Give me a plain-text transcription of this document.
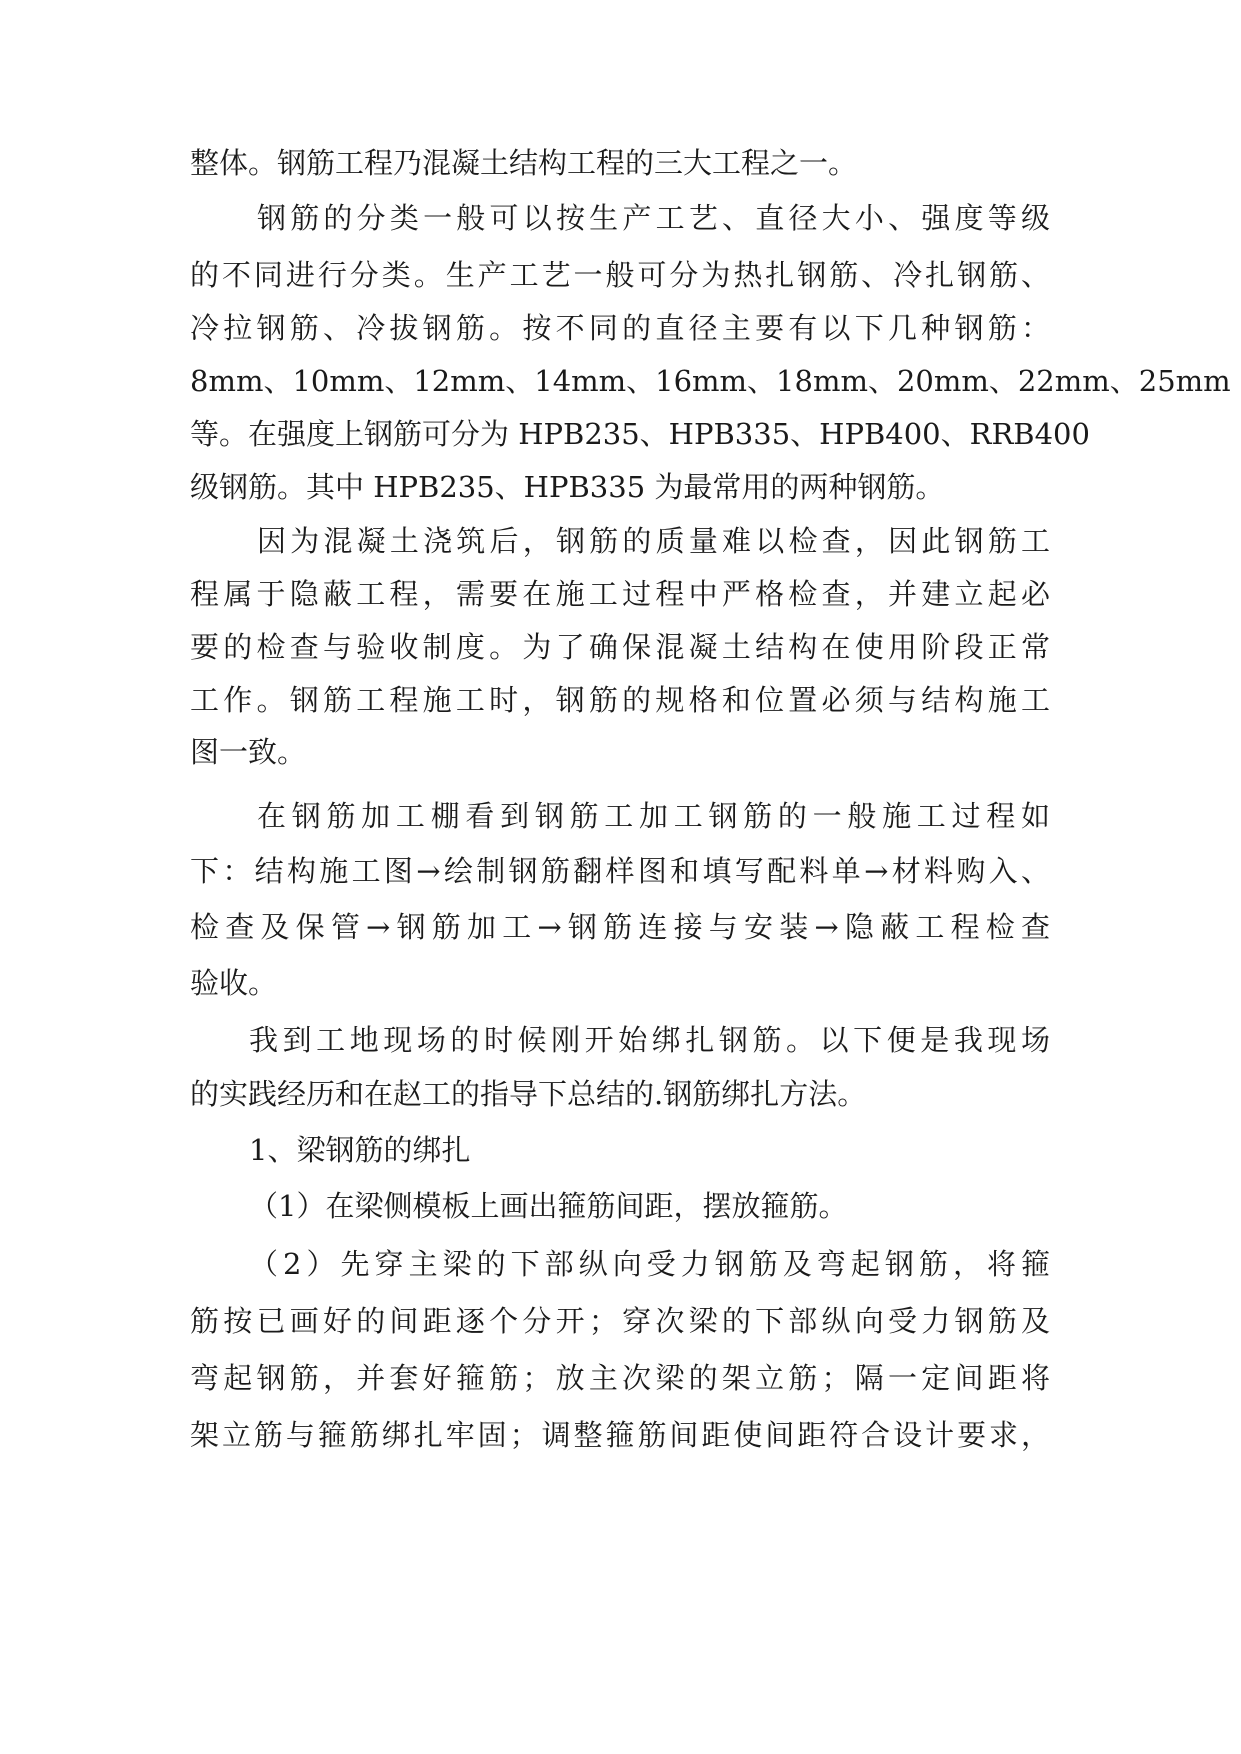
整体。钢筋工程乃混凝土结构工程的三大工程之一。
钢筋的分类一般可以按生产工艺、直径大小、强度等级
的不同进行分类。生产工艺一般可分为热扎钢筋、冷扎钢筋、
冷拉钢筋、冷拔钢筋。按不同的直径主要有以下几种钢筋：
8mm、10mm、12mm、14mm、16mm、18mm、20mm、22mm、25mm
等。在强度上钢筋可分为 HPB235、HPB335、HPB400、RRB400
级钢筋。其中 HPB235、HPB335 为最常用的两种钢筋。
因为混凝土浇筑后，钢筋的质量难以检查，因此钢筋工
程属于隐蔽工程，需要在施工过程中严格检查，并建立起必
要的检查与验收制度。为了确保混凝土结构在使用阶段正常
工作。钢筋工程施工时，钢筋的规格和位置必须与结构施工
图一致。
在钢筋加工棚看到钢筋工加工钢筋的一般施工过程如
下：结构施工图→绘制钢筋翻样图和填写配料单→材料购入、
检查及保管→钢筋加工→钢筋连接与安装→隐蔽工程检查
验收。
我到工地现场的时候刚开始绑扎钢筋。以下便是我现场
的实践经历和在赵工的指导下总结的.钢筋绑扎方法。
1、梁钢筋的绑扎
（1）在梁侧模板上画出箍筋间距，摆放箍筋。
（2）先穿主梁的下部纵向受力钢筋及弯起钢筋，将箍
筋按已画好的间距逐个分开；穿次梁的下部纵向受力钢筋及
弯起钢筋，并套好箍筋；放主次梁的架立筋；隔一定间距将
架立筋与箍筋绑扎牢固；调整箍筋间距使间距符合设计要求，
